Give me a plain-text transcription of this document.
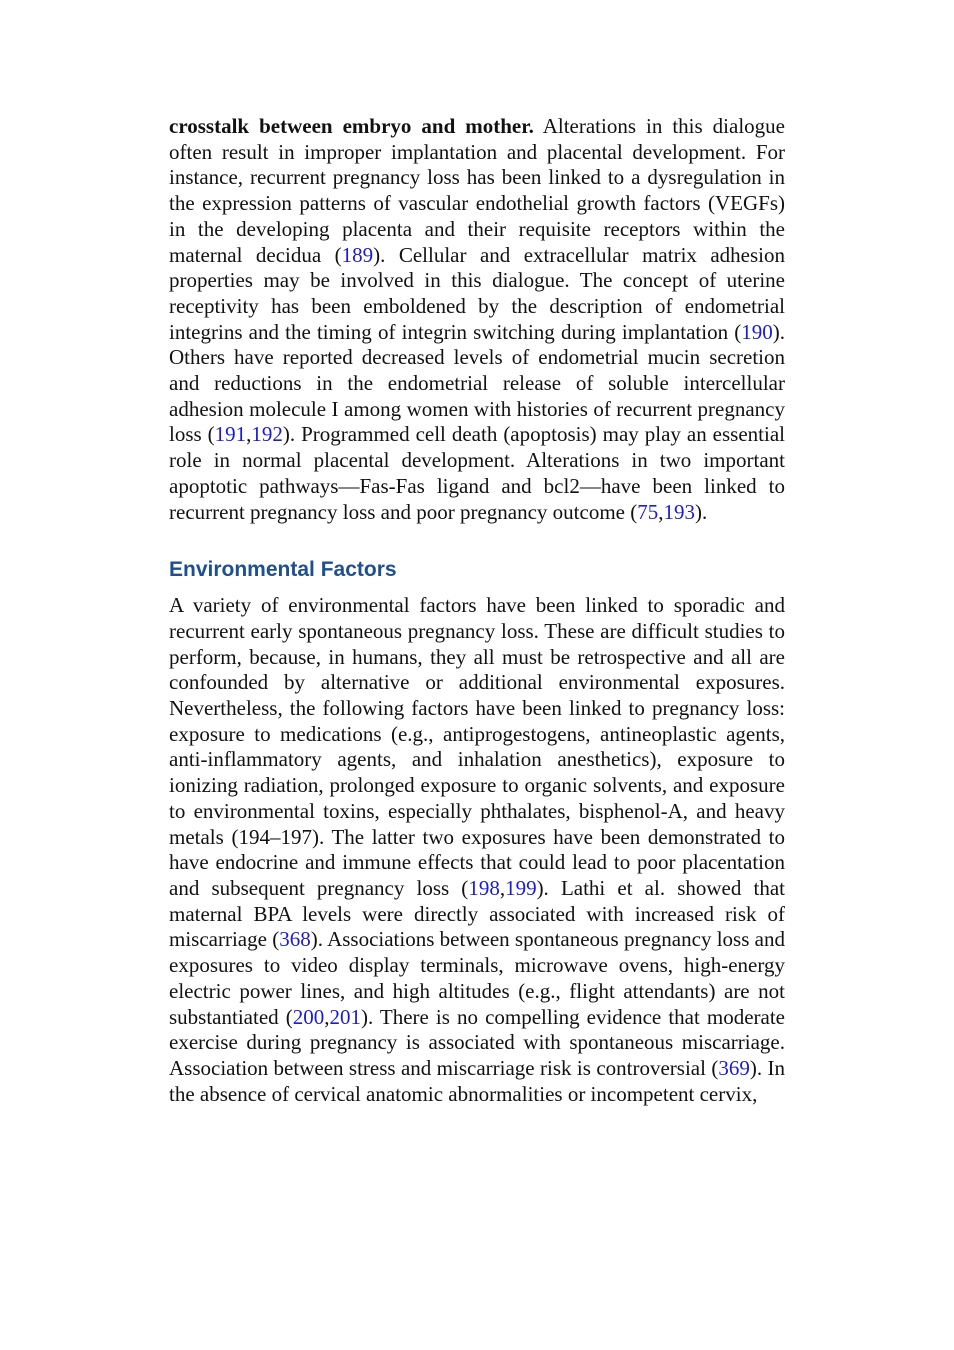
crosstalk between embryo and mother. Alterations in this dialogue often result in improper implantation and placental development. For instance, recurrent pregnancy loss has been linked to a dysregulation in the expression patterns of vascular endothelial growth factors (VEGFs) in the developing placenta and their requisite receptors within the maternal decidua (189). Cellular and extracellular matrix adhesion properties may be involved in this dialogue. The concept of uterine receptivity has been emboldened by the description of endometrial integrins and the timing of integrin switching during implantation (190). Others have reported decreased levels of endometrial mucin secretion and reductions in the endometrial release of soluble intercellular adhesion molecule I among women with histories of recurrent pregnancy loss (191,192). Programmed cell death (apoptosis) may play an essential role in normal placental development. Alterations in two important apoptotic pathways—Fas-Fas ligand and bcl2—have been linked to recurrent pregnancy loss and poor pregnancy outcome (75,193).

Environmental Factors

A variety of environmental factors have been linked to sporadic and recurrent early spontaneous pregnancy loss. These are difficult studies to perform, because, in humans, they all must be retrospective and all are confounded by alternative or additional environmental exposures. Nevertheless, the following factors have been linked to pregnancy loss: exposure to medications (e.g., antiprogestogens, antineoplastic agents, anti-inflammatory agents, and inhalation anesthetics), exposure to ionizing radiation, prolonged exposure to organic solvents, and exposure to environmental toxins, especially phthalates, bisphenol-A, and heavy metals (194–197). The latter two exposures have been demonstrated to have endocrine and immune effects that could lead to poor placentation and subsequent pregnancy loss (198,199). Lathi et al. showed that maternal BPA levels were directly associated with increased risk of miscarriage (368). Associations between spontaneous pregnancy loss and exposures to video display terminals, microwave ovens, high-energy electric power lines, and high altitudes (e.g., flight attendants) are not substantiated (200,201). There is no compelling evidence that moderate exercise during pregnancy is associated with spontaneous miscarriage. Association between stress and miscarriage risk is controversial (369). In the absence of cervical anatomic abnormalities or incompetent cervix,
